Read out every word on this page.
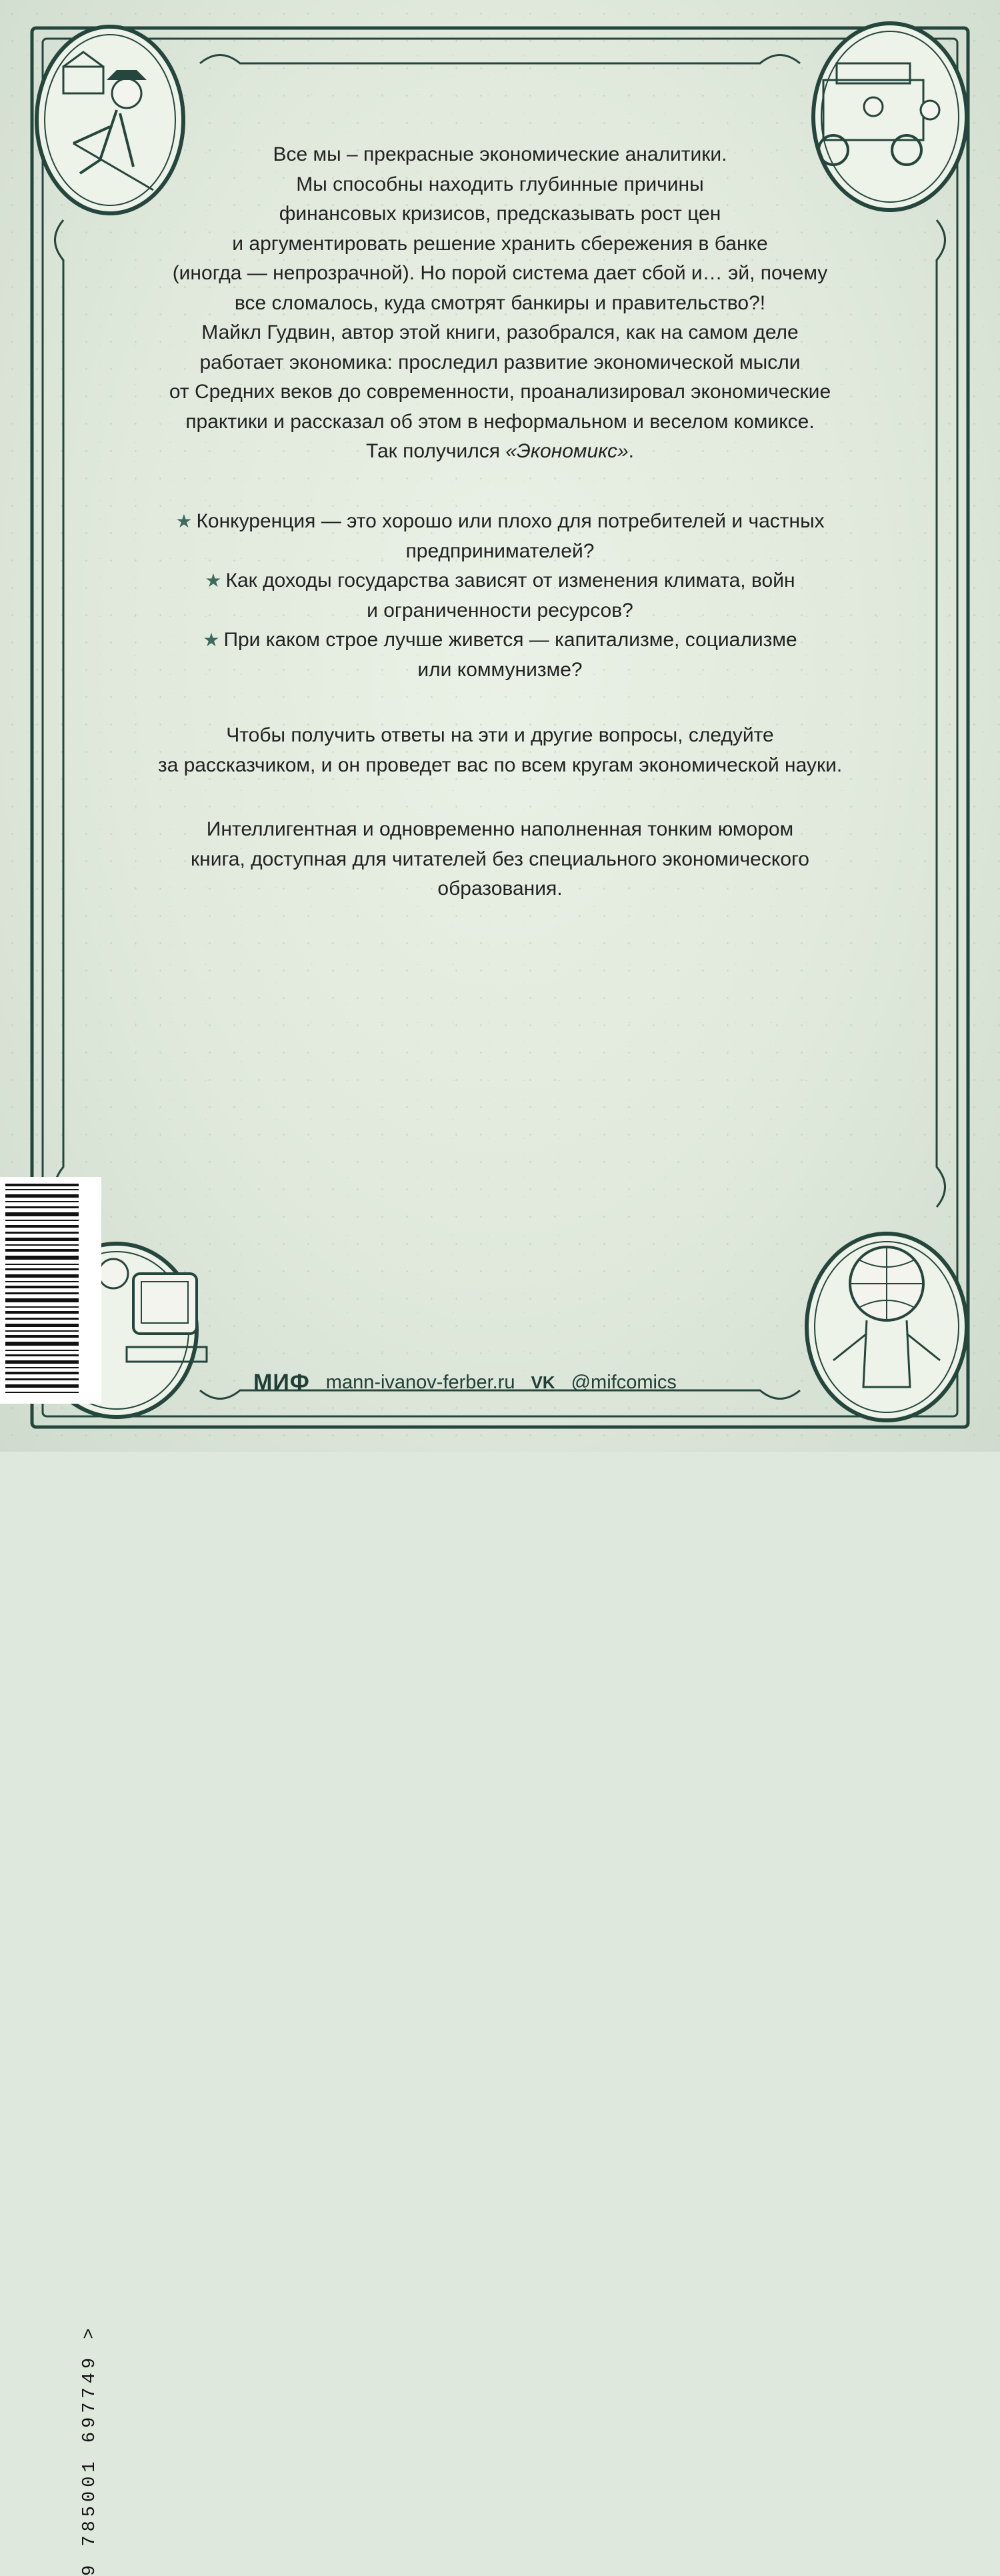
Все мы – прекрасные экономические аналитики.
Мы способны находить глубинные причины
финансовых кризисов, предсказывать рост цен
и аргументировать решение хранить сбережения в банке
(иногда — непрозрачной). Но порой система дает сбой и… эй, почему
все сломалось, куда смотрят банкиры и правительство?!
Майкл Гудвин, автор этой книги, разобрался, как на самом деле
работает экономика: проследил развитие экономической мысли
от Средних веков до современности, проанализировал экономические
практики и рассказал об этом в неформальном и веселом комиксе.
Так получился «Экономикс».
★ Конкуренция — это хорошо или плохо для потребителей и частных
предпринимателей?
★ Как доходы государства зависят от изменения климата, войн
и ограниченности ресурсов?
★ При каком строе лучше живется — капитализме, социализме
или коммунизме?
Чтобы получить ответы на эти и другие вопросы, следуйте
за рассказчиком, и он проведет вас по всем кругам экономической науки.
Интеллигентная и одновременно наполненная тонким юмором
книга, доступная для читателей без специального экономического
образования.
9 785001 697749 >
МИФ mann-ivanov-ferber.ru VK @mifcomics
